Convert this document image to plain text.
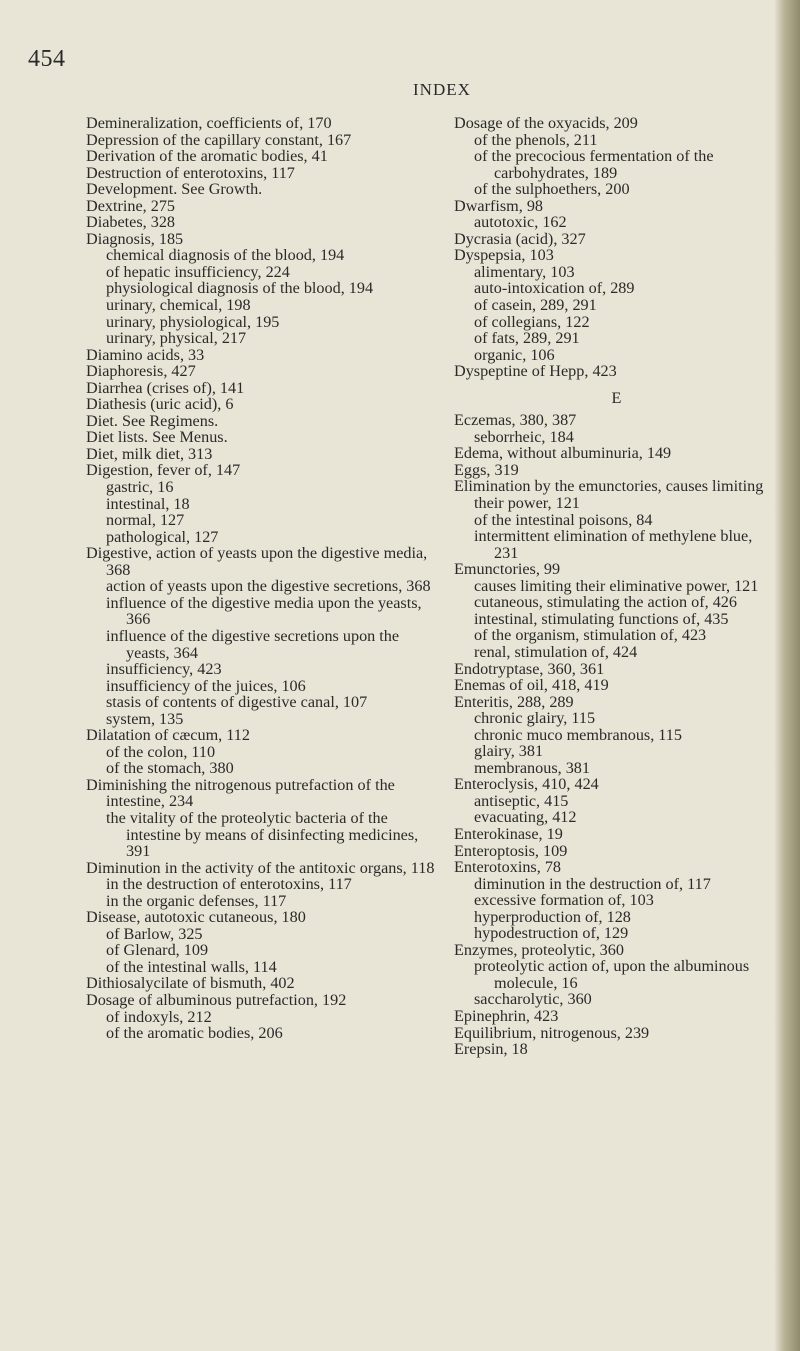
454
INDEX

Demineralization, coefficients of, 170

Depression of the capillary constant, 167

Derivation of the aromatic bodies, 41

Destruction of enterotoxins, 117

Development. See Growth.

Dextrine, 275

Diabetes, 328

Diagnosis, 185

chemical diagnosis of the blood, 194

of hepatic insufficiency, 224

physiological diagnosis of the blood, 194

urinary, chemical, 198

urinary, physiological, 195

urinary, physical, 217

Diamino acids, 33

Diaphoresis, 427

Diarrhea (crises of), 141

Diathesis (uric acid), 6

Diet. See Regimens.

Diet lists. See Menus.

Diet, milk diet, 313

Digestion, fever of, 147

gastric, 16

intestinal, 18

normal, 127

pathological, 127

Digestive, action of yeasts upon the digestive media, 368

action of yeasts upon the digestive secretions, 368

influence of the digestive media upon the yeasts, 366

influence of the digestive secretions upon the yeasts, 364

insufficiency, 423

insufficiency of the juices, 106

stasis of contents of digestive canal, 107

system, 135

Dilatation of cæcum, 112

of the colon, 110

of the stomach, 380

Diminishing the nitrogenous putrefaction of the intestine, 234

the vitality of the proteolytic bacteria of the intestine by means of disinfecting medicines, 391

Diminution in the activity of the antitoxic organs, 118

in the destruction of enterotoxins, 117

in the organic defenses, 117

Disease, autotoxic cutaneous, 180

of Barlow, 325

of Glenard, 109

of the intestinal walls, 114

Dithiosalycilate of bismuth, 402

Dosage of albuminous putrefaction, 192

of indoxyls, 212

of the aromatic bodies, 206

Dosage of the oxyacids, 209

of the phenols, 211

of the precocious fermentation of the carbohydrates, 189

of the sulphoethers, 200

Dwarfism, 98

autotoxic, 162

Dycrasia (acid), 327

Dyspepsia, 103

alimentary, 103

auto-intoxication of, 289

of casein, 289, 291

of collegians, 122

of fats, 289, 291

organic, 106

Dyspeptine of Hepp, 423

E

Eczemas, 380, 387

seborrheic, 184

Edema, without albuminuria, 149

Eggs, 319

Elimination by the emunctories, causes limiting their power, 121

of the intestinal poisons, 84

intermittent elimination of methylene blue, 231

Emunctories, 99

causes limiting their eliminative power, 121

cutaneous, stimulating the action of, 426

intestinal, stimulating functions of, 435

of the organism, stimulation of, 423

renal, stimulation of, 424

Endotryptase, 360, 361

Enemas of oil, 418, 419

Enteritis, 288, 289

chronic glairy, 115

chronic muco membranous, 115

glairy, 381

membranous, 381

Enteroclysis, 410, 424

antiseptic, 415

evacuating, 412

Enterokinase, 19

Enteroptosis, 109

Enterotoxins, 78

diminution in the destruction of, 117

excessive formation of, 103

hyperproduction of, 128

hypodestruction of, 129

Enzymes, proteolytic, 360

proteolytic action of, upon the albuminous molecule, 16

saccharolytic, 360

Epinephrin, 423

Equilibrium, nitrogenous, 239

Erepsin, 18
